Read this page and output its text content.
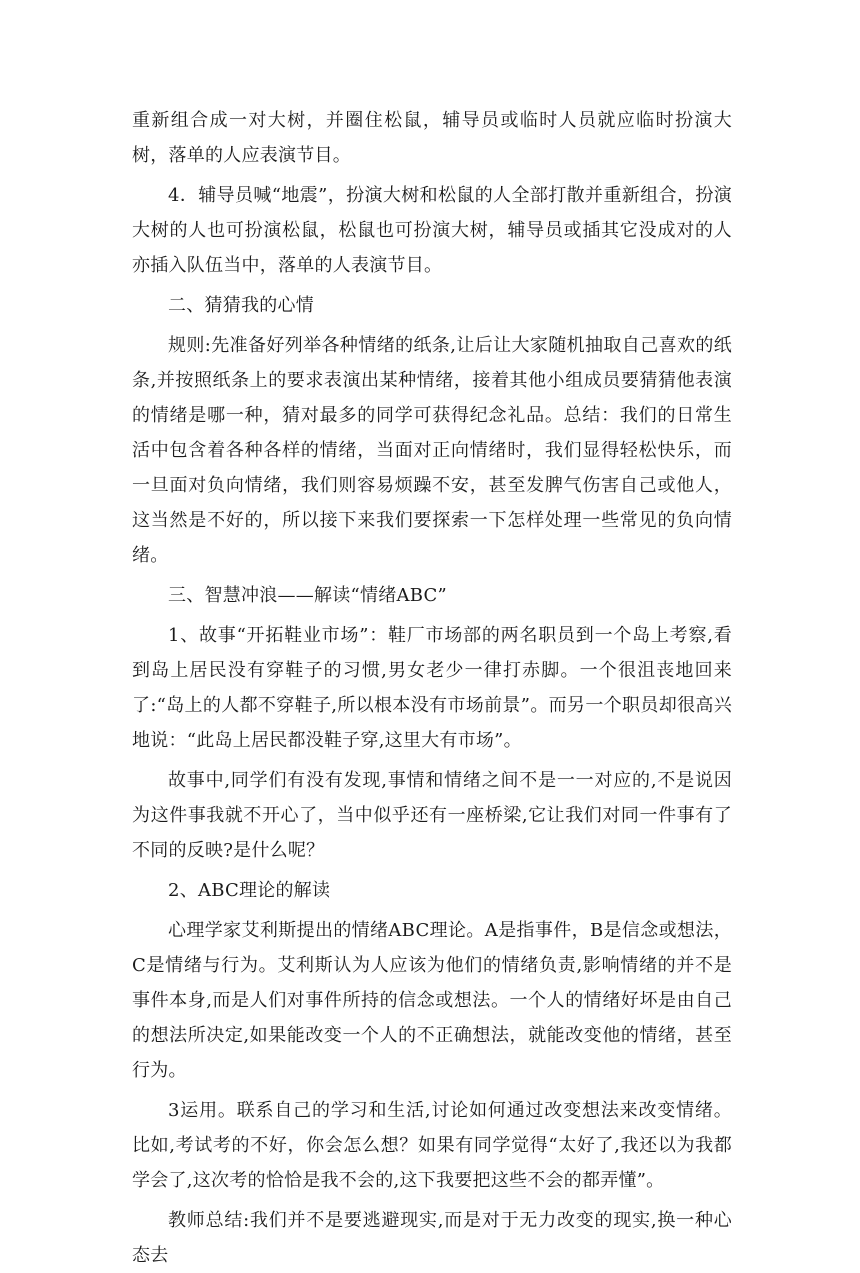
重新组合成一对大树，并圈住松鼠，辅导员或临时人员就应临时扮演大树，落单的人应表演节目。

4．辅导员喊“地震”，扮演大树和松鼠的人全部打散并重新组合，扮演大树的人也可扮演松鼠，松鼠也可扮演大树，辅导员或插其它没成对的人亦插入队伍当中，落单的人表演节目。

二、猜猜我的心情

规则:先准备好列举各种情绪的纸条,让后让大家随机抽取自己喜欢的纸条,并按照纸条上的要求表演出某种情绪，接着其他小组成员要猜猜他表演的情绪是哪一种，猜对最多的同学可获得纪念礼品。总结：我们的日常生活中包含着各种各样的情绪，当面对正向情绪时，我们显得轻松快乐，而一旦面对负向情绪，我们则容易烦躁不安，甚至发脾气伤害自己或他人，这当然是不好的，所以接下来我们要探索一下怎样处理一些常见的负向情绪。

三、智慧冲浪——解读“情绪ABC”

1、故事“开拓鞋业市场”：鞋厂市场部的两名职员到一个岛上考察,看到岛上居民没有穿鞋子的习惯,男女老少一律打赤脚。一个很沮丧地回来了:“岛上的人都不穿鞋子,所以根本没有市场前景”。而另一个职员却很高兴地说：“此岛上居民都没鞋子穿,这里大有市场”。

故事中,同学们有没有发现,事情和情绪之间不是一一对应的,不是说因为这件事我就不开心了，当中似乎还有一座桥梁,它让我们对同一件事有了不同的反映?是什么呢？

2、ABC理论的解读

心理学家艾利斯提出的情绪ABC理论。A是指事件，B是信念或想法，C是情绪与行为。艾利斯认为人应该为他们的情绪负责,影响情绪的并不是事件本身,而是人们对事件所持的信念或想法。一个人的情绪好坏是由自己的想法所决定,如果能改变一个人的不正确想法，就能改变他的情绪，甚至行为。

3运用。联系自己的学习和生活,讨论如何通过改变想法来改变情绪。比如,考试考的不好，你会怎么想？如果有同学觉得“太好了,我还以为我都学会了,这次考的恰恰是我不会的,这下我要把这些不会的都弄懂”。

教师总结:我们并不是要逃避现实,而是对于无力改变的现实,换一种心态去
